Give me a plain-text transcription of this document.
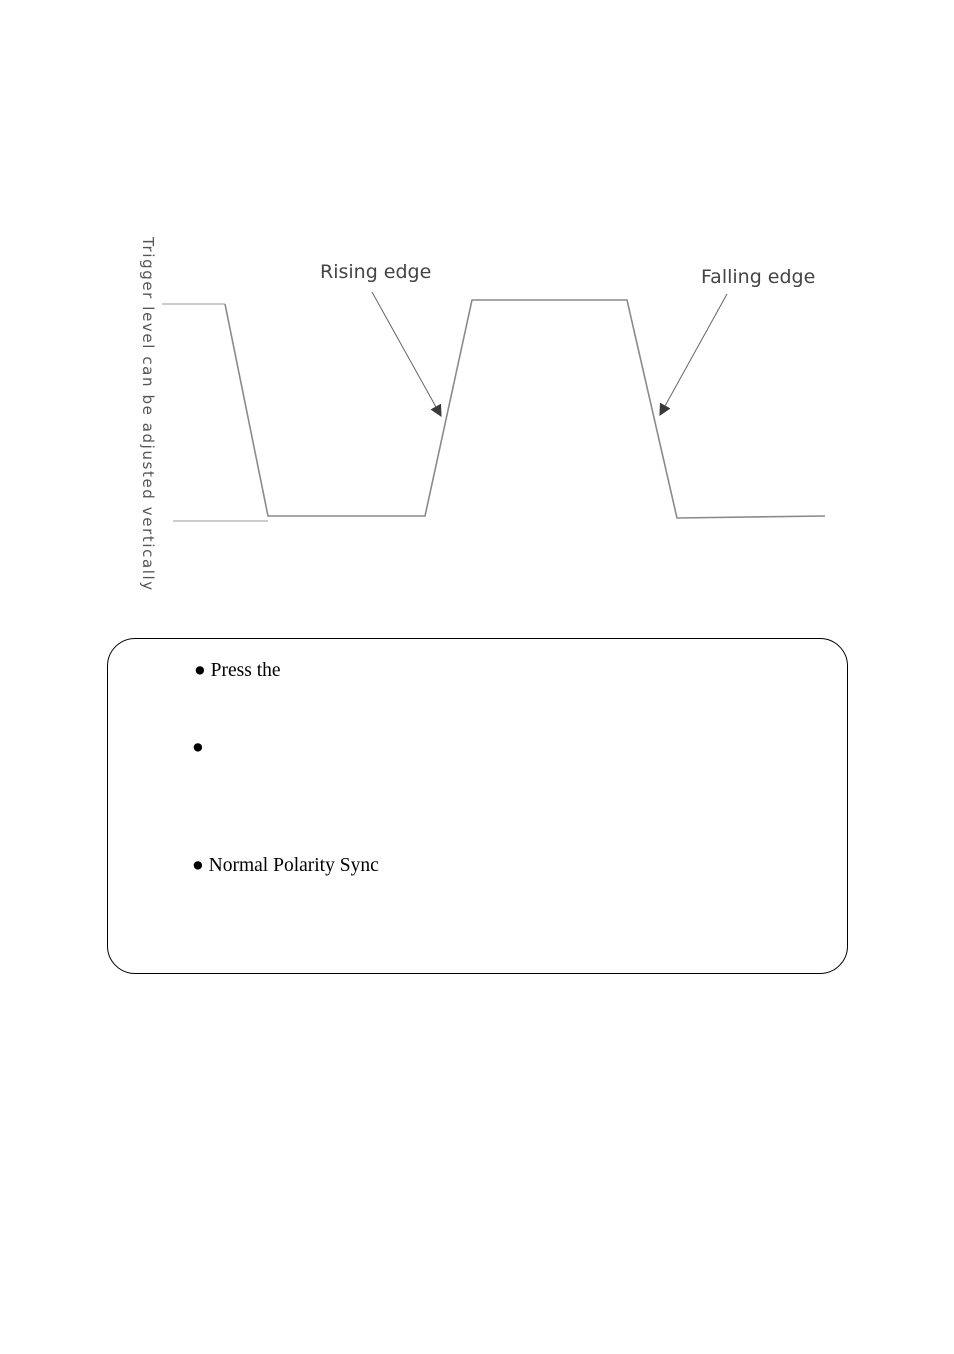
Rising edge	Falling edge
Trigger level can be adjusted vertically
● Press the
●
● Normal Polarity Sync
